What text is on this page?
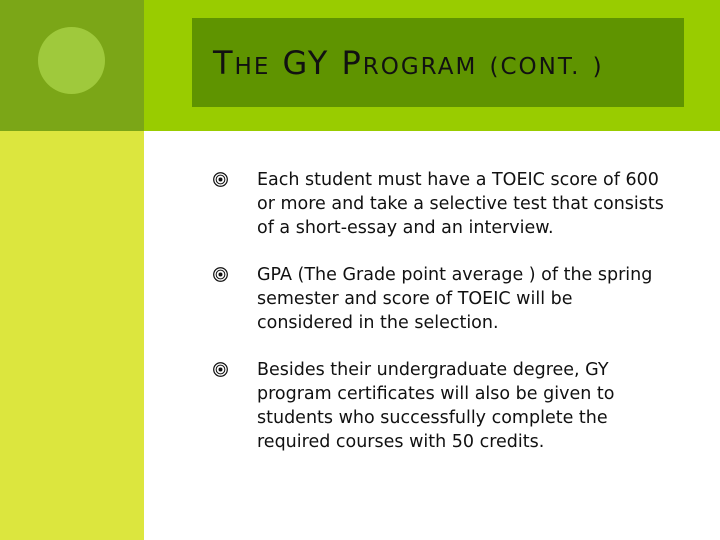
THE GY PROGRAM (CONT. )
Each student must have a TOEIC score of 600 or more and take a selective test that consists of a short-essay and an interview.
GPA (The Grade point average ) of the spring semester and score of TOEIC will be considered in the selection.
Besides their undergraduate degree, GY program certificates will also be given to students who successfully complete the required courses with 50 credits.
